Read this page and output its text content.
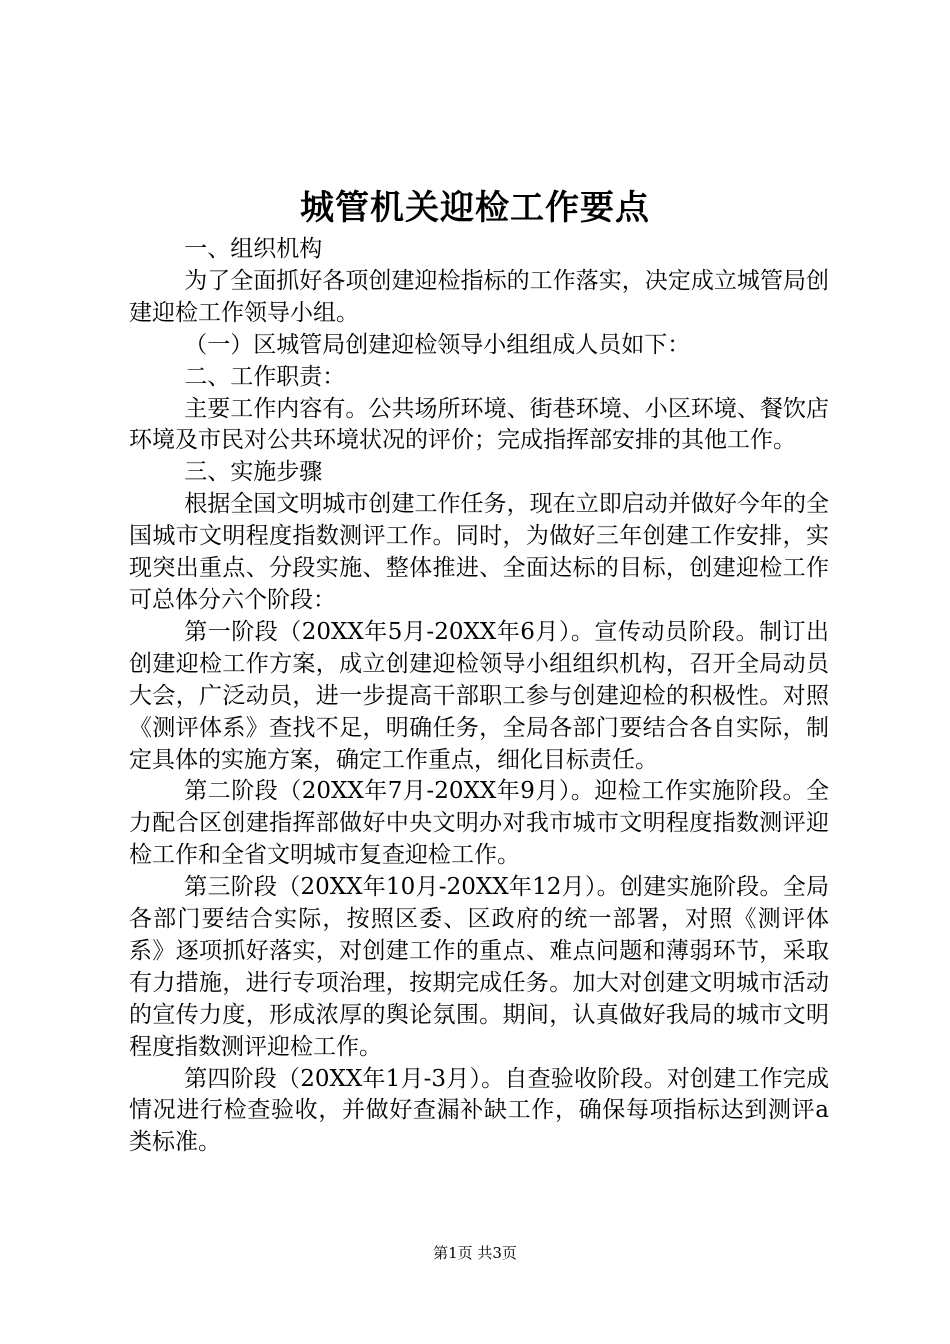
城管机关迎检工作要点

一、组织机构

为了全面抓好各项创建迎检指标的工作落实，决定成立城管局创建迎检工作领导小组。

（一）区城管局创建迎检领导小组组成人员如下：

二、工作职责：

主要工作内容有。公共场所环境、街巷环境、小区环境、餐饮店环境及市民对公共环境状况的评价；完成指挥部安排的其他工作。

三、实施步骤

根据全国文明城市创建工作任务，现在立即启动并做好今年的全国城市文明程度指数测评工作。同时，为做好三年创建工作安排，实现突出重点、分段实施、整体推进、全面达标的目标，创建迎检工作可总体分六个阶段：

第一阶段（20XX年5月-20XX年6月）。宣传动员阶段。制订出创建迎检工作方案，成立创建迎检领导小组组织机构，召开全局动员大会，广泛动员，进一步提高干部职工参与创建迎检的积极性。对照《测评体系》查找不足，明确任务，全局各部门要结合各自实际，制定具体的实施方案，确定工作重点，细化目标责任。

第二阶段（20XX年7月-20XX年9月）。迎检工作实施阶段。全力配合区创建指挥部做好中央文明办对我市城市文明程度指数测评迎检工作和全省文明城市复查迎检工作。

第三阶段（20XX年10月-20XX年12月）。创建实施阶段。全局各部门要结合实际，按照区委、区政府的统一部署，对照《测评体系》逐项抓好落实，对创建工作的重点、难点问题和薄弱环节，采取有力措施，进行专项治理，按期完成任务。加大对创建文明城市活动的宣传力度，形成浓厚的舆论氛围。期间，认真做好我局的城市文明程度指数测评迎检工作。

第四阶段（20XX年1月-3月）。自查验收阶段。对创建工作完成情况进行检查验收，并做好查漏补缺工作，确保每项指标达到测评a类标准。

第1页 共3页
